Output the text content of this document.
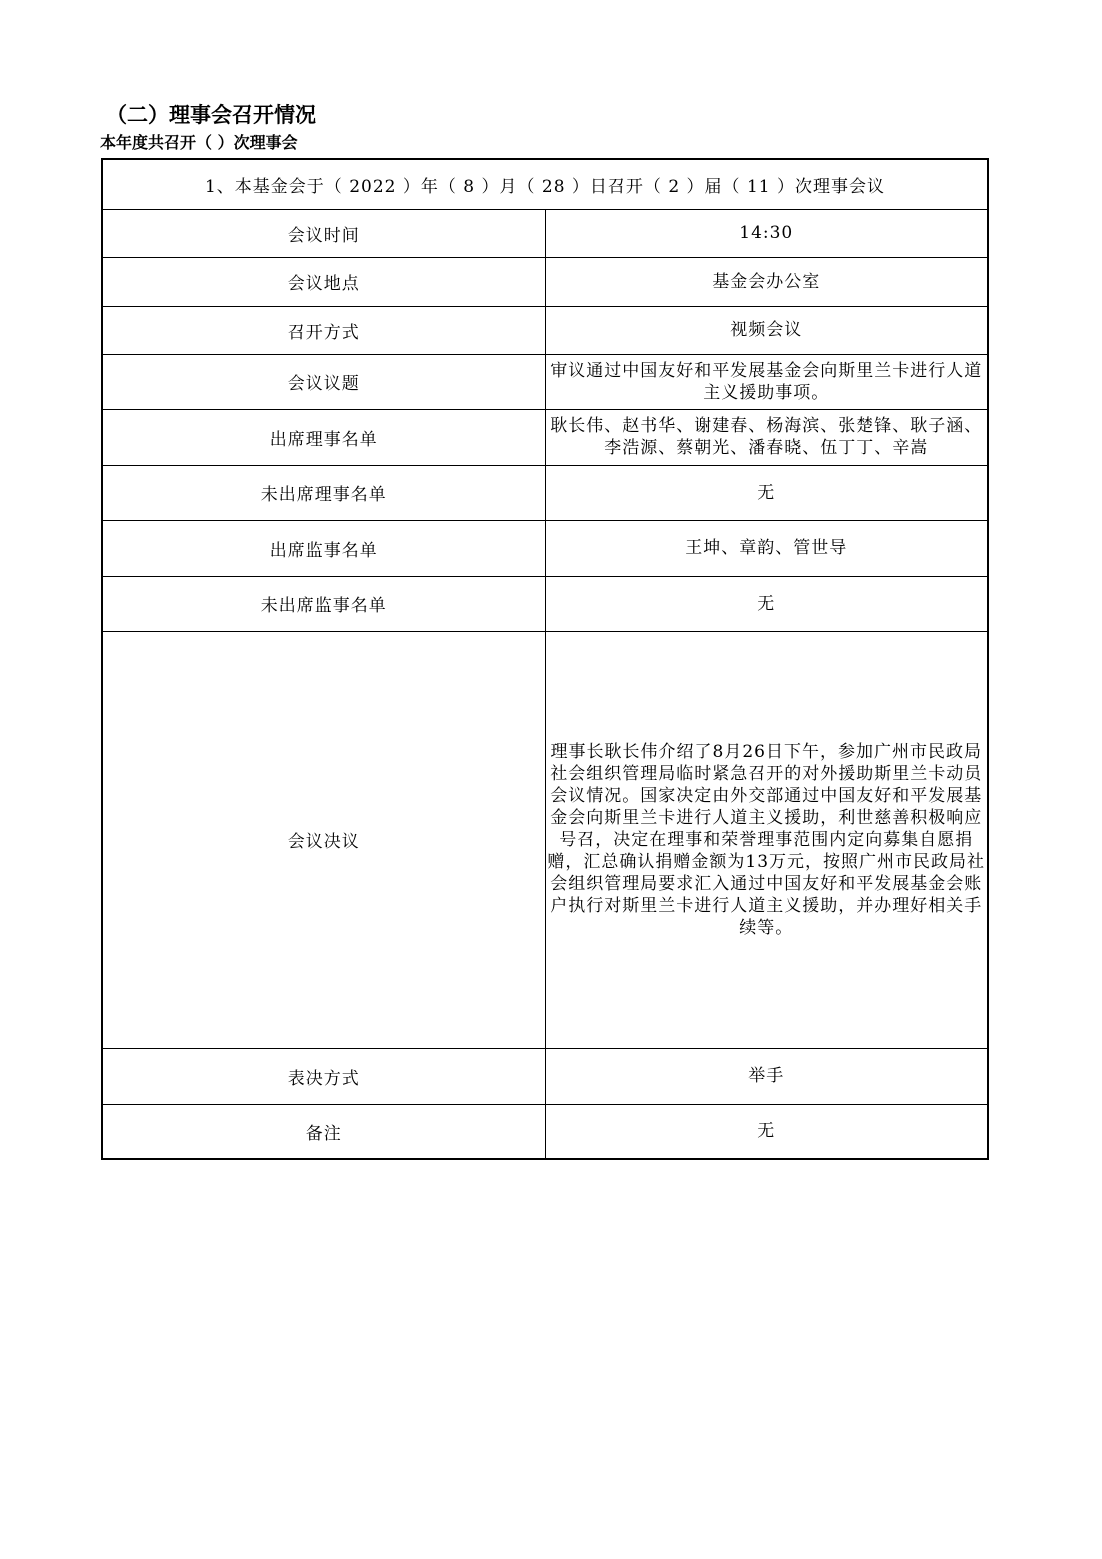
（二）理事会召开情况
本年度共召开（ ）次理事会
1、本基金会于（ 2022 ）年（ 8 ）月（ 28 ）日召开（ 2 ）届（ 11 ）次理事会议	
会议时间	14:30
会议地点	基金会办公室
召开方式	视频会议
会议议题	审议通过中国友好和平发展基金会向斯里兰卡进行人道主义援助事项。
出席理事名单	耿长伟、赵书华、谢建春、杨海滨、张楚锋、耿子涵、李浩源、蔡朝光、潘春晓、伍丁丁、辛嵩
未出席理事名单	无
出席监事名单	王坤、章韵、管世导
未出席监事名单	无
会议决议	理事长耿长伟介绍了8月26日下午，参加广州市民政局社会组织管理局临时紧急召开的对外援助斯里兰卡动员会议情况。国家决定由外交部通过中国友好和平发展基金会向斯里兰卡进行人道主义援助，利世慈善积极响应号召，决定在理事和荣誉理事范围内定向募集自愿捐赠，汇总确认捐赠金额为13万元，按照广州市民政局社会组织管理局要求汇入通过中国友好和平发展基金会账户执行对斯里兰卡进行人道主义援助，并办理好相关手续等。
表决方式	举手
备注	无
